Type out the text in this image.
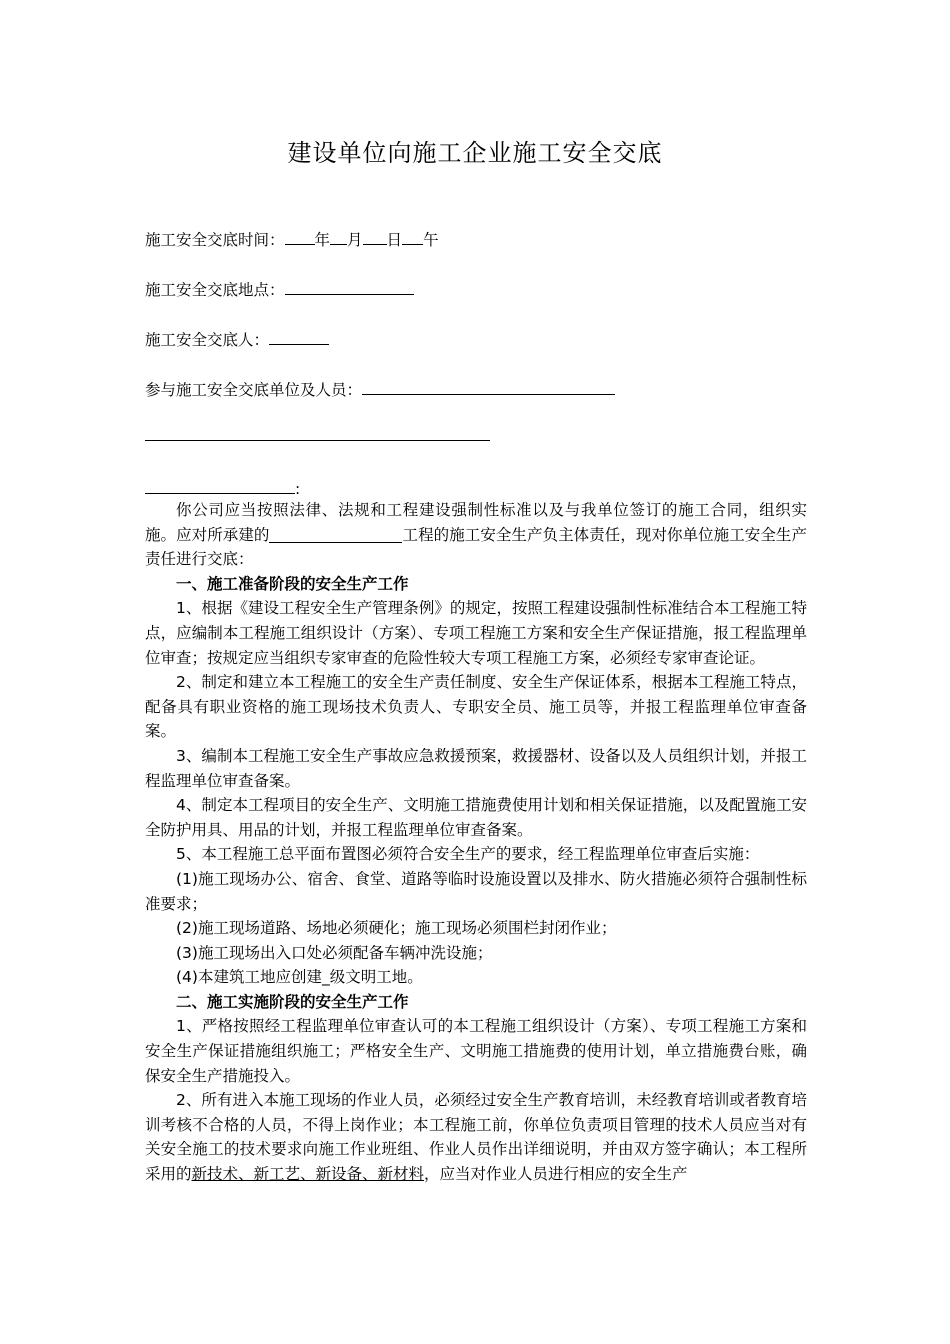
建设单位向施工企业施工安全交底
施工安全交底时间： 年 月 日 午
施工安全交底地点：
施工安全交底人：
参与施工安全交底单位及人员：
:

你公司应当按照法律、法规和工程建设强制性标准以及与我单位签订的施工合同，组织实施。应对所承建的	工程的施工安全生产负主体责任，现对你单位施工安全生产责任进行交底：

一、施工准备阶段的安全生产工作

1、根据《建设工程安全生产管理条例》的规定，按照工程建设强制性标准结合本工程施工特点，应编制本工程施工组织设计（方案）、专项工程施工方案和安全生产保证措施，报工程监理单位审查；按规定应当组织专家审查的危险性较大专项工程施工方案，必须经专家审查论证。

2、制定和建立本工程施工的安全生产责任制度、安全生产保证体系，根据本工程施工特点，配备具有职业资格的施工现场技术负责人、专职安全员、施工员等，并报工程监理单位审查备案。

3、编制本工程施工安全生产事故应急救援预案，救援器材、设备以及人员组织计划，并报工程监理单位审查备案。

4、制定本工程项目的安全生产、文明施工措施费使用计划和相关保证措施，以及配置施工安全防护用具、用品的计划，并报工程监理单位审查备案。

5、本工程施工总平面布置图必须符合安全生产的要求，经工程监理单位审查后实施：

(1)施工现场办公、宿舍、食堂、道路等临时设施设置以及排水、防火措施必须符合强制性标准要求；

(2)施工现场道路、场地必须硬化；施工现场必须围栏封闭作业；

(3)施工现场出入口处必须配备车辆冲洗设施；

(4)本建筑工地应创建_级文明工地。

二、施工实施阶段的安全生产工作

1、严格按照经工程监理单位审查认可的本工程施工组织设计（方案）、专项工程施工方案和安全生产保证措施组织施工；严格安全生产、文明施工措施费的使用计划，单立措施费台账，确保安全生产措施投入。

2、所有进入本施工现场的作业人员，必须经过安全生产教育培训，未经教育培训或者教育培训考核不合格的人员，不得上岗作业；本工程施工前，你单位负责项目管理的技术人员应当对有关安全施工的技术要求向施工作业班组、作业人员作出详细说明，并由双方签字确认；本工程所采用的新技术、新工艺、新设备、新材料，应当对作业人员进行相应的安全生产
